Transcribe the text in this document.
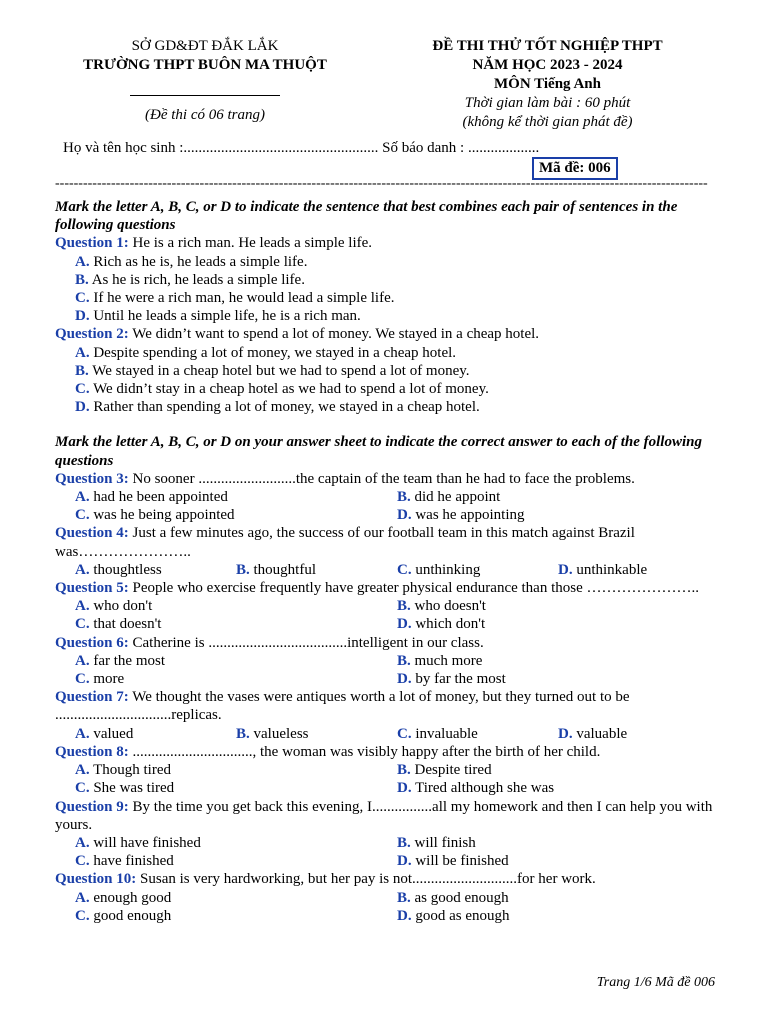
SỞ GD&ĐT ĐẮK LẮK
TRƯỜNG THPT BUÔN MA THUỘT
(Đề thi có 06 trang)
ĐỀ THI THỬ TỐT NGHIỆP THPT
NĂM HỌC 2023 - 2024
MÔN Tiếng Anh
Thời gian làm bài : 60 phút
(không kể thời gian phát đề)
Họ và tên học sinh :.................................................... Số báo danh : ...................
Mã đề: 006
--------------------------------------------------------------------------------------------------------------------------------------------
Mark the letter A, B, C, or D to indicate the sentence that best combines each pair of sentences in the following questions
Question 1: He is a rich man. He leads a simple life.
A. Rich as he is, he leads a simple life.
B. As he is rich, he leads a simple life.
C. If he were a rich man, he would lead a simple life.
D. Until he leads a simple life, he is a rich man.
Question 2: We didn’t want to spend a lot of money. We stayed in a cheap hotel.
A. Despite spending a lot of money, we stayed in a cheap hotel.
B. We stayed in a cheap hotel but we had to spend a lot of money.
C. We didn’t stay in a cheap hotel as we had to spend a lot of money.
D. Rather than spending a lot of money, we stayed in a cheap hotel.
Mark the letter A, B, C, or D on your answer sheet to indicate the correct answer to each of the following questions
Question 3: No sooner ..........................the captain of the team than he had to face the problems.
A. had he been appointed	B. did he appoint
C. was he being appointed	D. was he appointing
Question 4: Just a few minutes ago, the success of our football team in this match against Brazil was…………………..
A. thoughtless	B. thoughtful	C. unthinking	D. unthinkable
Question 5: People who exercise frequently have greater physical endurance than those …………………..
A. who don't	B. who doesn't
C. that doesn't	D. which don't
Question 6: Catherine is .....................................intelligent in our class.
A. far the most	B. much more
C. more	D. by far the most
Question 7: We thought the vases were antiques worth a lot of money, but they turned out to be ...............................replicas.
A. valued	B. valueless	C. invaluable	D. valuable
Question 8: ................................, the woman was visibly happy after the birth of her child.
A. Though tired	B. Despite tired
C. She was tired	D. Tired although she was
Question 9: By the time you get back this evening, I................all my homework and then I can help you with yours.
A. will have finished	B. will finish
C. have finished	D. will be finished
Question 10: Susan is very hardworking, but her pay is not............................for her work.
A. enough good	B. as good enough
C. good enough	D. good as enough
Trang 1/6 Mã đề 006
